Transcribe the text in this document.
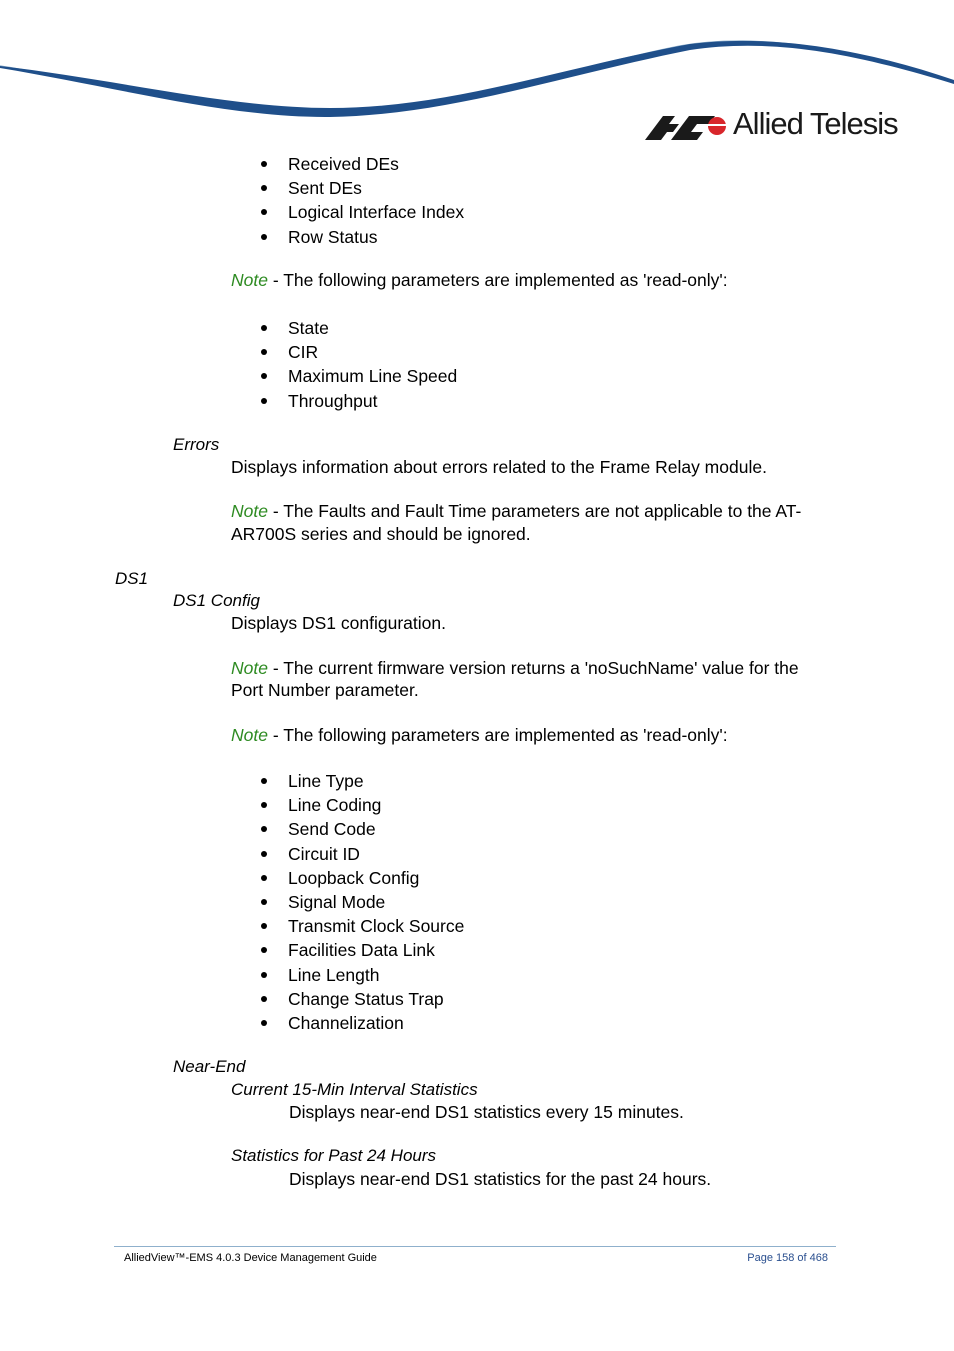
Allied Telesis
Received DEs
Sent DEs
Logical Interface Index
Row Status
Note - The following parameters are implemented as 'read-only':
State
CIR
Maximum Line Speed
Throughput
Errors
Displays information about errors related to the Frame Relay module.
Note - The Faults and Fault Time parameters are not applicable to the AT-
AR700S series and should be ignored.
DS1
DS1 Config
Displays DS1 configuration.
Note - The current firmware version returns a 'noSuchName' value for the
Port Number parameter.
Note - The following parameters are implemented as 'read-only':
Line Type
Line Coding
Send Code
Circuit ID
Loopback Config
Signal Mode
Transmit Clock Source
Facilities Data Link
Line Length
Change Status Trap
Channelization
Near-End
Current 15-Min Interval Statistics
Displays near-end DS1 statistics every 15 minutes.
Statistics for Past 24 Hours
Displays near-end DS1 statistics for the past 24 hours.
AlliedView™-EMS 4.0.3 Device Management Guide	Page 158 of 468
